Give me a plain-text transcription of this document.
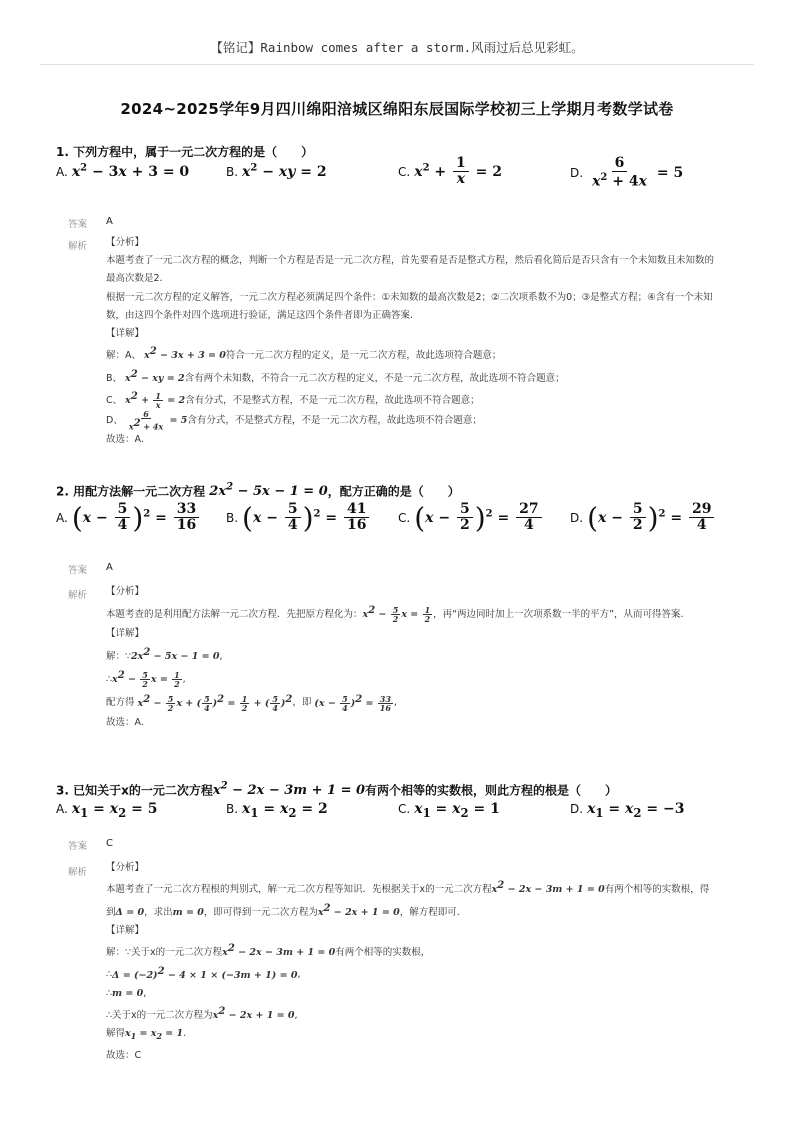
【铭记】Rainbow comes after a storm.风雨过后总见彩虹。
2024~2025学年9月四川绵阳涪城区绵阳东辰国际学校初三上学期月考数学试卷
1. 下列方程中，属于一元二次方程的是（　　）
A. $x^2 - 3x + 3 = 0$	B. $x^2$ − xy = 2	C. $x^2 + \frac{1}{x} = 2$	D. $\frac{6}{x^2 + 4x} = 5$
答案 A
解析 【分析】

本题考查了一元二次方程的概念，判断一个方程是否是一元二次方程，首先要看是否是整式方程，然后看化简后是否只含有一个未知数且未知数的最高次数是2.

根据一元二次方程的定义解答，一元二次方程必须满足四个条件：①未知数的最高次数是2；②二次项系数不为0；③是整式方程；④含有一个未知数，由这四个条件对四个选项进行验证，满足这四个条件者即为正确答案.

【详解】

解：A、 $x^2 - 3x + 3 = 0$符合一元二次方程的定义，是一元二次方程，故此选项符合题意；

B、 $x^2$ − xy = 2含有两个未知数，不符合一元二次方程的定义，不是一元二次方程，故此选项不符合题意；

C、 $x^2 + \frac{1}{x} = 2$含有分式，不是整式方程，不是一元二次方程，故此选项不符合题意；

D、 $\frac{6}{x^2 + 4x} = 5$含有分式，不是整式方程，不是一元二次方程，故此选项不符合题意；

故选：A.

2. 用配方法解一元二次方程 $2x^2 - 5x - 1 = 0$，配方正确的是（　　）
A. $(x - \frac{5}{4} )^2 = \frac{33}{16} B$. $(x - \frac{5}{4} )^2 = \frac{41}{16} C$. $(x - \frac{5}{2} )^2 = \frac{27}{4} D$. $(x - \frac{5}{2} )^2 = \frac{29}{4}$
答案 A
解析 【分析】

本题考查的是利用配方法解一元二次方程．先把原方程化为：$x^2 - \frac{5}{2}$ $x = \frac{1}{2}$ ，再“两边同时加上一次项系数一半的平方”，从而可得答案.

【详解】

解：$\because 2x^2 - 5x - 1 = 0$,

$\therefore x^2 - \frac{5}{2}$ $x = \frac{1}{2}$ ,

配方得 $x^2 - \frac{5}{2}$ x + ( $\frac{5}{4} )^2 = \frac{1}{2}$ + ( $\frac{5}{4} )^2$，即 $(x - \frac{5}{4} )^2 = \frac{33}{16}$ ,

故选：A.

3. 已知关于x的一元二次方程$x^2 - 2x - 3m + 1 = 0$有两个相等的实数根，则此方程的根是（　　）
A. $x_1 = x_2 = 5$	B. $x_1 = x_2 = 2$	C. $x_1 = x_2 = 1$	D. $x_1 = x_2 = -3$
答案 C
解析 【分析】

本题考查了一元二次方程根的判别式，解一元二次方程等知识．先根据关于x的一元二次方程$x^2 - 2x - 3m + 1 = 0$有两个相等的实数根，得到Δ = 0，求出m = 0，即可得到一元二次方程为$x^2 - 2x + 1 = 0$，解方程即可.

【详解】

解：∵关于x的一元二次方程$x^2 - 2x - 3m + 1 = 0$有两个相等的实数根，

∴Δ = $(-2)^2 - 4 \times 1 \times (-3m + 1) = 0$,

∴m = 0,

∴关于x的一元二次方程为$x^2 - 2x + 1 = 0$,

解得$x_1 = x_2 = 1$.

故选：C
